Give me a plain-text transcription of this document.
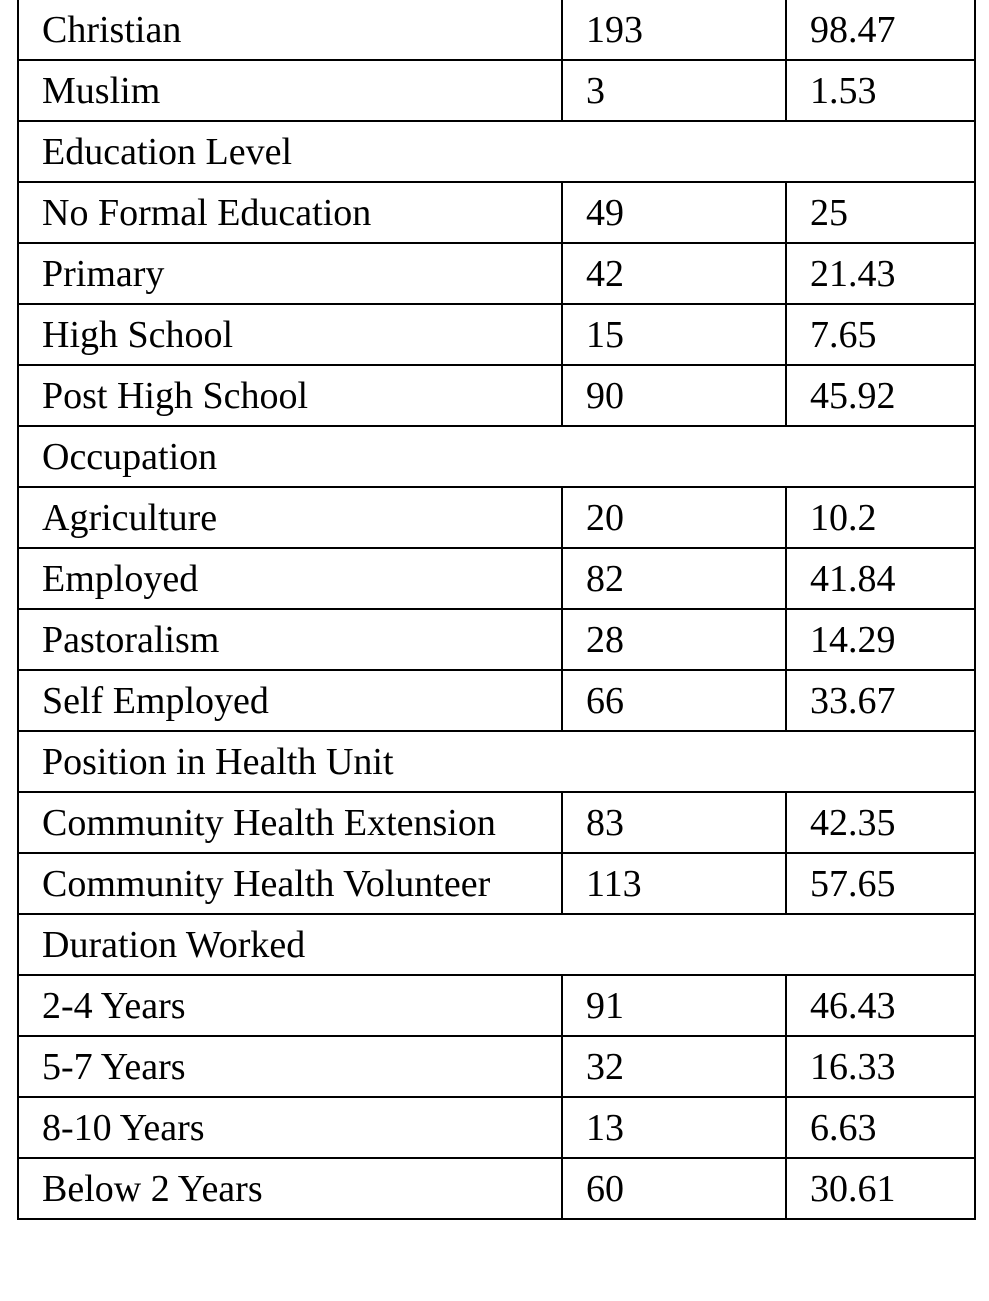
Christian	193	98.47
Muslim	3	1.53
Education Level		
No Formal Education	49	25
Primary	42	21.43
High School	15	7.65
Post High School	90	45.92
Occupation		
Agriculture	20	10.2
Employed	82	41.84
Pastoralism	28	14.29
Self Employed	66	33.67
Position in Health Unit		
Community Health Extension	83	42.35
Community Health Volunteer	113	57.65
Duration Worked		
2-4 Years	91	46.43
5-7 Years	32	16.33
8-10 Years	13	6.63
Below 2 Years	60	30.61
